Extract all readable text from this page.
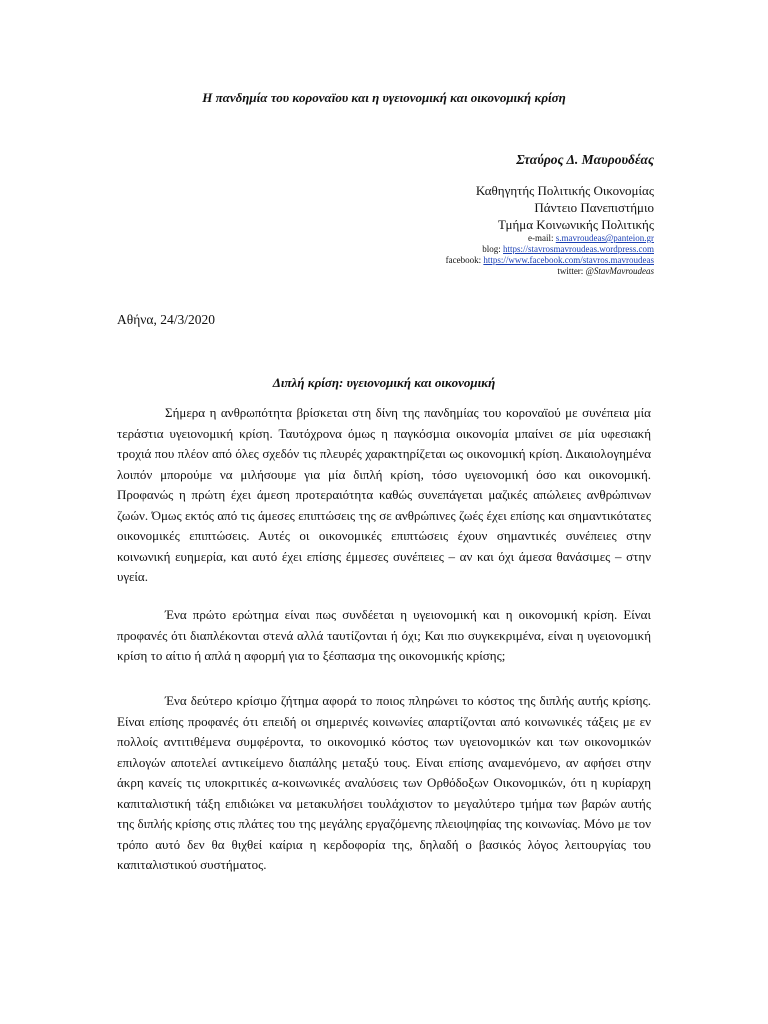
Η πανδημία του κοροναϊου και η υγειονομική και οικονομική κρίση
Σταύρος Δ. Μαυρουδέας
Καθηγητής Πολιτικής Οικονομίας
Πάντειο Πανεπιστήμιο
Τμήμα Κοινωνικής Πολιτικής
e-mail: s.mavroudeas@panteion.gr
blog: https://stavrosmavroudeas.wordpress.com
facebook: https://www.facebook.com/stavros.mavroudeas
twitter: @StavMavroudeas
Αθήνα, 24/3/2020
Διπλή κρίση: υγειονομική και οικονομική

Σήμερα η ανθρωπότητα βρίσκεται στη δίνη της πανδημίας του κοροναϊού με συνέπεια μία τεράστια υγειονομική κρίση. Ταυτόχρονα όμως η παγκόσμια οικονομία μπαίνει σε μία υφεσιακή τροχιά που πλέον από όλες σχεδόν τις πλευρές χαρακτηρίζεται ως οικονομική κρίση. Δικαιολογημένα λοιπόν μπορούμε να μιλήσουμε για μία διπλή κρίση, τόσο υγειονομική όσο και οικονομική. Προφανώς η πρώτη έχει άμεση προτεραιότητα καθώς συνεπάγεται μαζικές απώλειες ανθρώπινων ζωών. Όμως εκτός από τις άμεσες επιπτώσεις της σε ανθρώπινες ζωές έχει επίσης και σημαντικότατες οικονομικές επιπτώσεις. Αυτές οι οικονομικές επιπτώσεις έχουν σημαντικές συνέπειες στην κοινωνική ευημερία, και αυτό έχει επίσης έμμεσες συνέπειες – αν και όχι άμεσα θανάσιμες – στην υγεία.

Ένα πρώτο ερώτημα είναι πως συνδέεται η υγειονομική και η οικονομική κρίση. Είναι προφανές ότι διαπλέκονται στενά αλλά ταυτίζονται ή όχι; Και πιο συγκεκριμένα, είναι η υγειονομική κρίση το αίτιο ή απλά η αφορμή για το ξέσπασμα της οικονομικής κρίσης;

Ένα δεύτερο κρίσιμο ζήτημα αφορά το ποιος πληρώνει το κόστος της διπλής αυτής κρίσης. Είναι επίσης προφανές ότι επειδή οι σημερινές κοινωνίες απαρτίζονται από κοινωνικές τάξεις με εν πολλοίς αντιτιθέμενα συμφέροντα, το οικονομικό κόστος των υγειονομικών και των οικονομικών επιλογών αποτελεί αντικείμενο διαπάλης μεταξύ τους. Είναι επίσης αναμενόμενο, αν αφήσει στην άκρη κανείς τις υποκριτικές α-κοινωνικές αναλύσεις των Ορθόδοξων Οικονομικών, ότι η κυρίαρχη καπιταλιστική τάξη επιδιώκει να μετακυλήσει τουλάχιστον το μεγαλύτερο τμήμα των βαρών αυτής της διπλής κρίσης στις πλάτες του της μεγάλης εργαζόμενης πλειοψηφίας της κοινωνίας. Μόνο με τον τρόπο αυτό δεν θα θιχθεί καίρια η κερδοφορία της, δηλαδή ο βασικός λόγος λειτουργίας του καπιταλιστικού συστήματος.
